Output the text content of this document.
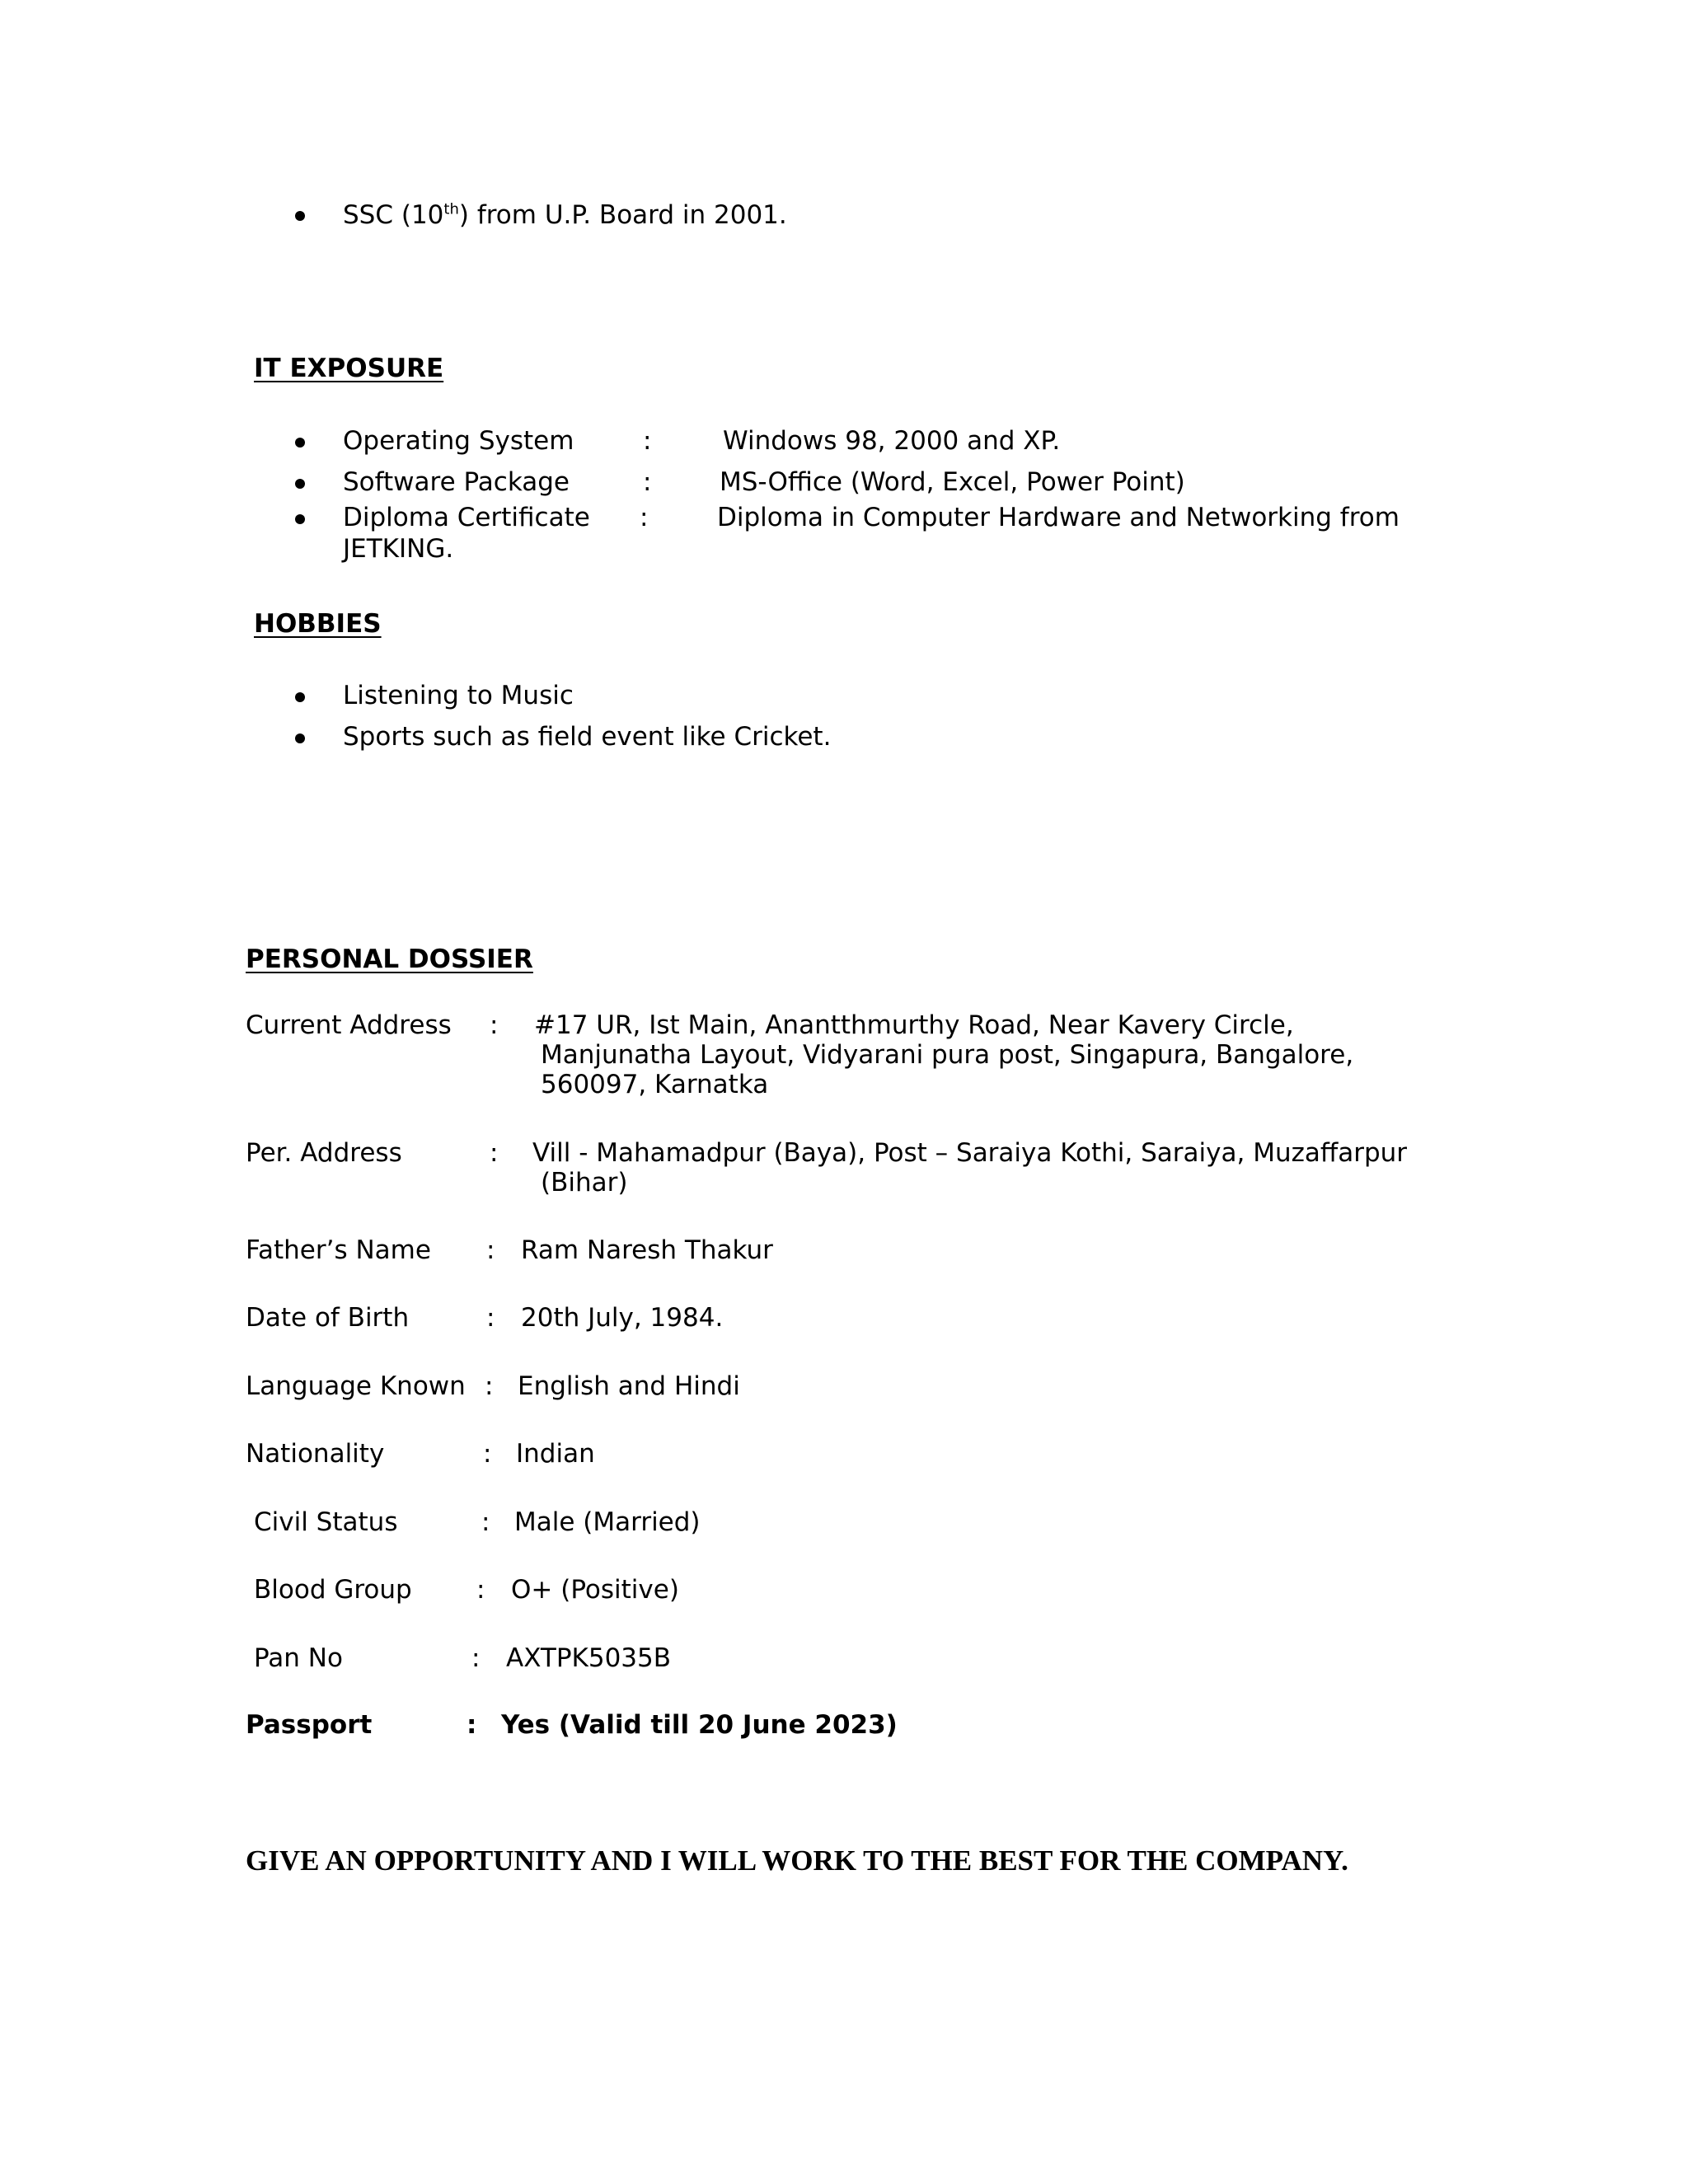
SSC (10th) from U.P. Board in 2001.
IT EXPOSURE
Operating System	:	Windows 98, 2000 and XP.
Software Package	:	MS-Office (Word, Excel, Power Point)
Diploma Certificate :	Diploma in Computer Hardware and Networking from
JETKING.
HOBBIES
Listening to Music
Sports such as field event like Cricket.
PERSONAL DOSSIER
Current Address : #17 UR, Ist Main, Anantthmurthy Road, Near Kavery Circle,
Manjunatha Layout, Vidyarani pura post, Singapura, Bangalore,
560097, Karnatka
Per. Address	: Vill - Mahamadpur (Baya), Post – Saraiya Kothi, Saraiya, Muzaffarpur
(Bihar)
Father’s Name : Ram Naresh Thakur
Date of Birth	: 20th July, 1984.
Language Known : English and Hindi
Nationality	: Indian
Civil Status	: Male (Married)
Blood Group	: O+ (Positive)
Pan No	: AXTPK5035B
Passport	: Yes (Valid till 20 June 2023)
GIVE AN OPPORTUNITY AND I WILL WORK TO THE BEST FOR THE COMPANY.
